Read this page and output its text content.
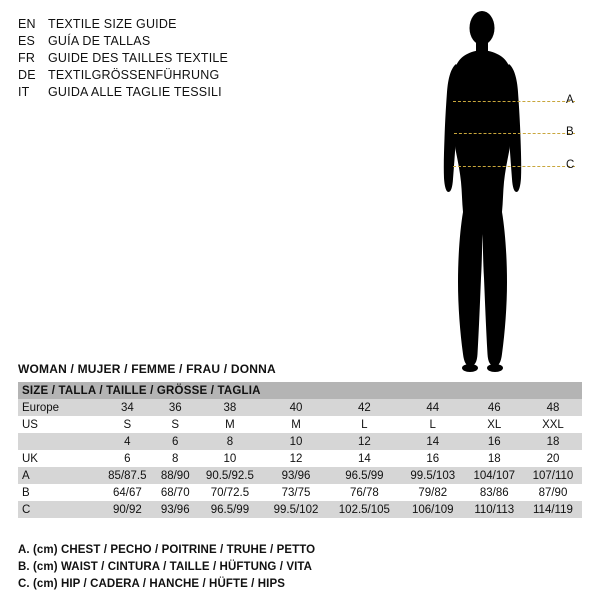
EN TEXTILE SIZE GUIDE
ES	GUÍA DE TALLAS
FR	GUIDE DES TAILLES TEXTILE
DE TEXTILGRÖSSENFÜHRUNG
IT	GUIDA ALLE TAGLIE TESSILI
A
B
C
WOMAN / MUJER / FEMME / FRAU / DONNA
SIZE / TALLA / TAILLE / GRÖSSE / TAGLIA								
Europe	34	36	38	40	42	44	46	48
US	S	S	M	M	L	L	XL	XXL
	4	6	8	10	12	14	16	18
UK	6	8	10	12	14	16	18	20
A	85/87.5	88/90	90.5/92.5	93/96	96.5/99	99.5/103	104/107	107/110
B	64/67	68/70	70/72.5	73/75	76/78	79/82	83/86	87/90
C	90/92	93/96	96.5/99	99.5/102	102.5/105	106/109	110/113	114/119
A. (cm) CHEST / PECHO / POITRINE / TRUHE / PETTO
B. (cm) WAIST / CINTURA / TAILLE / HÜFTUNG / VITA
C. (cm) HIP / CADERA / HANCHE / HÜFTE / HIPS
